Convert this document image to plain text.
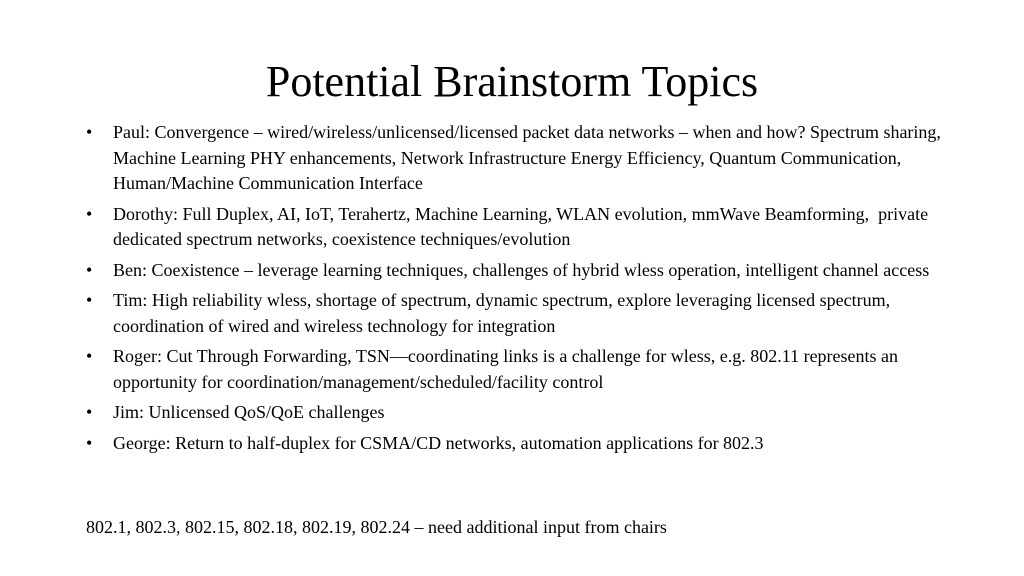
Potential Brainstorm Topics
• Paul: Convergence – wired/wireless/unlicensed/licensed packet data networks – when and how? Spectrum sharing, Machine Learning PHY enhancements, Network Infrastructure Energy Efficiency, Quantum Communication, Human/Machine Communication Interface
• Dorothy: Full Duplex, AI, IoT, Terahertz, Machine Learning, WLAN evolution, mmWave Beamforming,  private dedicated spectrum networks, coexistence techniques/evolution
• Ben: Coexistence – leverage learning techniques, challenges of hybrid wless operation, intelligent channel access
• Tim: High reliability wless, shortage of spectrum, dynamic spectrum, explore leveraging licensed spectrum, coordination of wired and wireless technology for integration
• Roger: Cut Through Forwarding, TSN—coordinating links is a challenge for wless, e.g. 802.11 represents an opportunity for coordination/management/scheduled/facility control
• Jim: Unlicensed QoS/QoE challenges
• George: Return to half-duplex for CSMA/CD networks, automation applications for 802.3

802.1, 802.3, 802.15, 802.18, 802.19, 802.24 – need additional input from chairs
